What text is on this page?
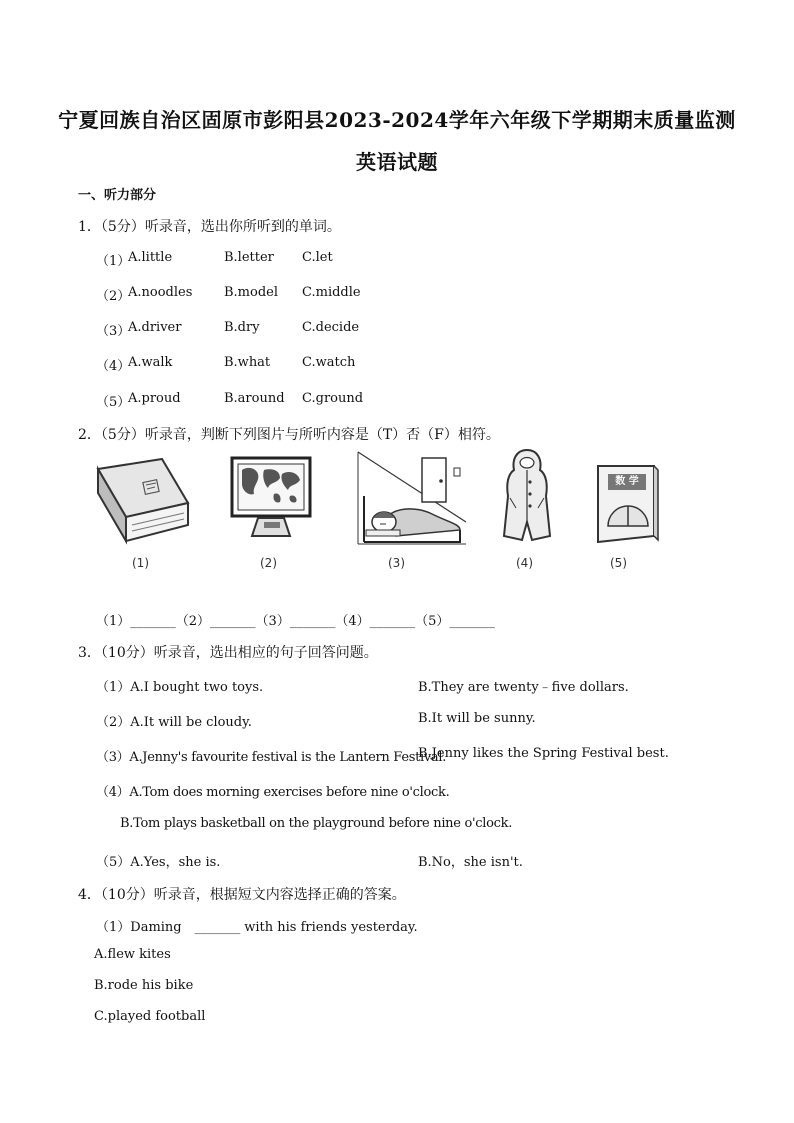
宁夏回族自治区固原市彭阳县2023-2024学年六年级下学期期末质量监测
英语试题
一、听力部分
1．（5分）听录音，选出你所听到的单词。
（1）
A.little	B.letter C.let
（2）
A.noodles B.model C.middle
（3）
A.driver	B.dry	C.decide
（4）
A.walk	B.what C.watch
（5）
A.proud	B.around C.ground
2．（5分）听录音，判断下列图片与所听内容是（T）否（F）相符。
(1)	(2)	(3)	(4)
数 学
(5)
（1）_______（2）_______（3）_______（4）_______（5）_______
3．（10分）听录音，选出相应的句子回答问题。
（1）A.I bought two toys.	B.They are twenty﹣five dollars.
（2）A.It will be cloudy.	B.It will be sunny.
（3）A.Jenny's favourite festival is the Lantern Festival.
B.Jenny likes the Spring Festival best.
（4）A.Tom does morning exercises before nine o'clock.
B.Tom plays basketball on the playground before nine o'clock.
（5）A.Yes，she is.	B.No，she isn't.
4．（10分）听录音，根据短文内容选择正确的答案。
（1）Daming　_______ with his friends yesterday.
A.flew kites
B.rode his bike
C.played football
